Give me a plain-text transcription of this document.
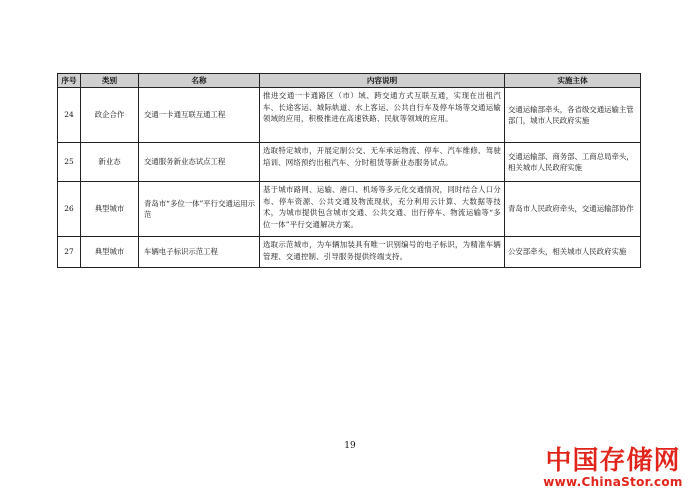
序号	类别	名称	内容说明	实施主体
24	政企合作	交通一卡通互联互通工程	推进交通一卡通路区（市）域、跨交通方式互联互通，实现在出租汽车、长途客运、城际轨道、水上客运、公共自行车及停车场等交通运输领域的应用，积极推进在高速铁路、民航等领域的应用。	交通运输部牵头，各省级交通运输主管部门，城市人民政府实施
25	新业态	交通服务新业态试点工程	选取特定城市，开展定制公交、无车承运物流、停车、汽车维修、驾驶培训、网络预约出租汽车、分时租赁等新业态服务试点。	交通运输部、商务部、工商总局牵头，相关城市人民政府实施
26	典型城市	青岛市“多位一体”平行交通运用示范	基于城市路网、运输、港口、机场等多元化交通情况，同时结合人口分布、停车资源、公共交通及物流现状，充分利用云计算、大数据等技术，为城市提供包含城市交通、公共交通、出行停车、物流运输等“多位一体”平行交通解决方案。	青岛市人民政府牵头，交通运输部协作
27	典型城市	车辆电子标识示范工程	选取示范城市，为车辆加装具有唯一识别编号的电子标识，为精准车辆管理、交通控制、引导服务提供终端支持。	公安部牵头，相关城市人民政府实施
19	中国存储网
www.ChinaStor.com
